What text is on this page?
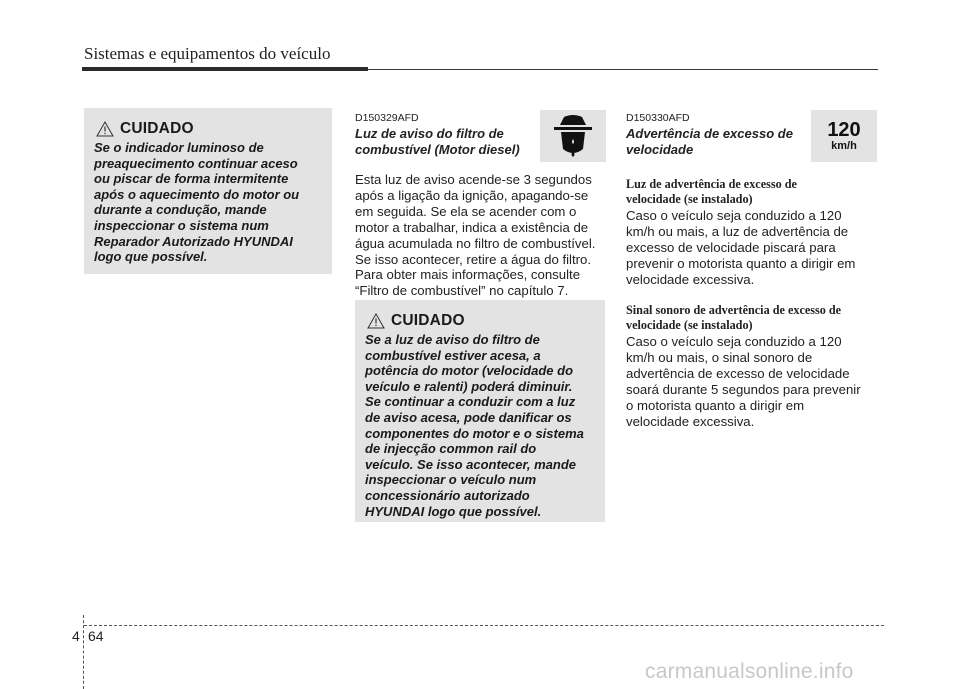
Sistemas e equipamentos do veículo
CUIDADO
Se o indicador luminoso de
preaquecimento continuar aceso
ou piscar de forma intermitente
após o aquecimento do motor ou
durante a condução, mande
inspeccionar o sistema num
Reparador Autorizado HYUNDAI
logo que possível.
D150329AFD
Luz de aviso do filtro de
combustível (Motor diesel)
Esta luz de aviso acende-se 3 segundos
após a ligação da ignição, apagando-se
em seguida. Se ela se acender com o
motor a trabalhar, indica a existência de
água acumulada no filtro de combustível.
Se isso acontecer, retire a água do filtro.
Para obter mais informações, consulte
“Filtro de combustível” no capítulo 7.
CUIDADO
Se a luz de aviso do filtro de
combustível estiver acesa, a
potência do motor (velocidade do
veículo e ralenti) poderá diminuir.
Se continuar a conduzir com a luz
de aviso acesa, pode danificar os
componentes do motor e o sistema
de injecção common rail do
veículo. Se isso acontecer, mande
inspeccionar o veículo num
concessionário autorizado
HYUNDAI logo que possível.
D150330AFD
Advertência de excesso de
velocidade
120
km/h
Luz de advertência de excesso de
velocidade (se instalado)
Caso o veículo seja conduzido a 120
km/h ou mais, a luz de advertência de
excesso de velocidade piscará para
prevenir o motorista quanto a dirigir em
velocidade excessiva.
Sinal sonoro de advertência de excesso de
velocidade (se instalado)
Caso o veículo seja conduzido a 120
km/h ou mais, o sinal sonoro de
advertência de excesso de velocidade
soará durante 5 segundos para prevenir
o motorista quanto a dirigir em
velocidade excessiva.
4 64
carmanualsonline.info
